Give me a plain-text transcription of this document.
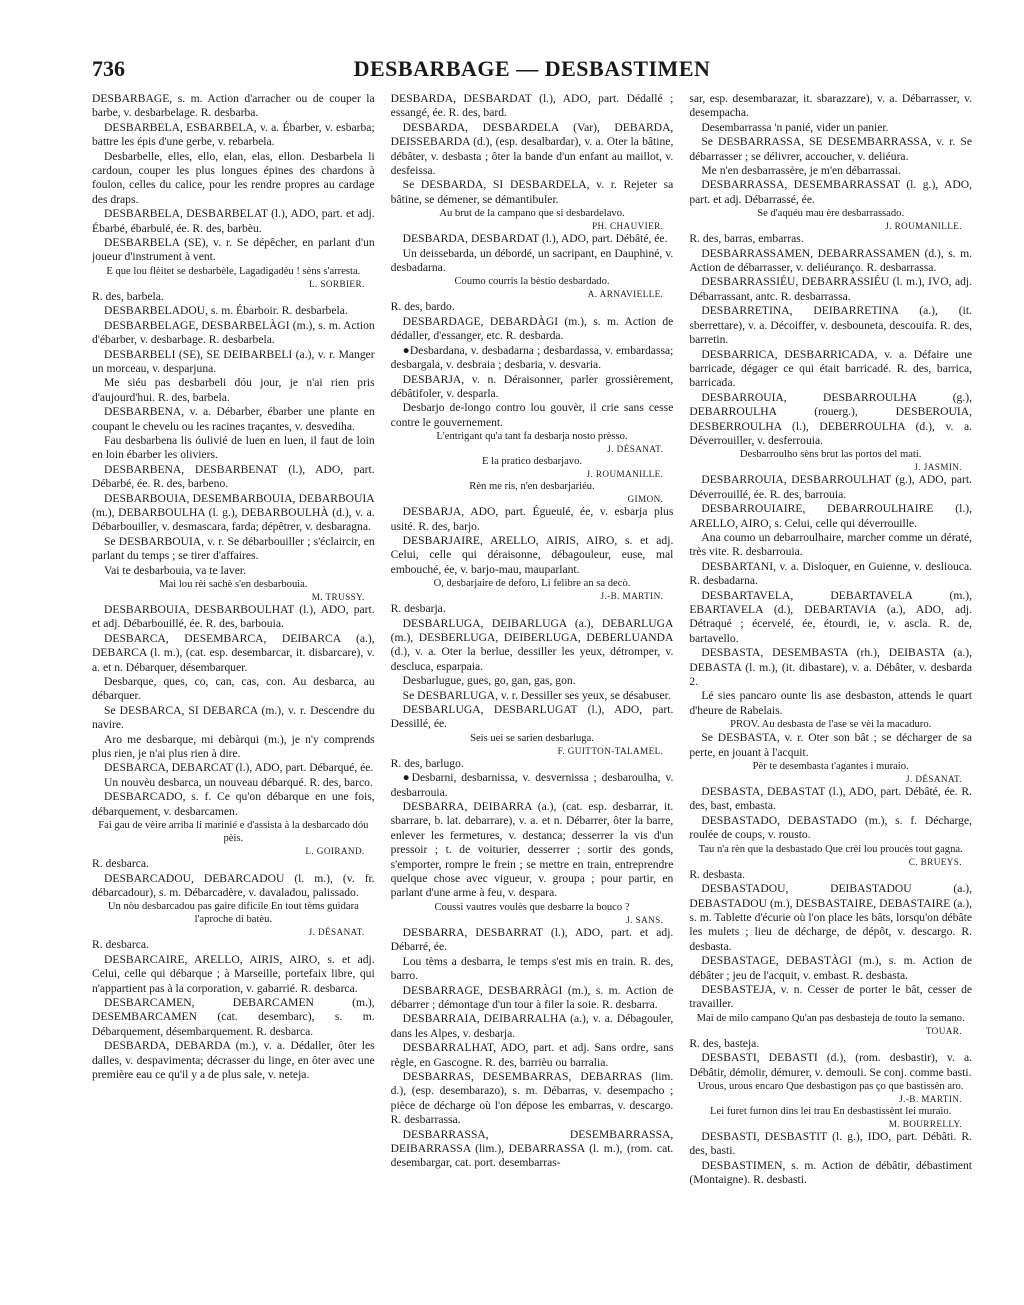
736	DESBARBAGE — DESBASTIMEN

DESBARBAGE, s. m. Action d'arracher ou de couper la barbe, v. desbarbelage. R. desbarba.

DESBARBELA, ESBARBELA, v. a. Ébarber, v. esbarba; battre les épis d'une gerbe, v. rebarbela.

Desbarbelle, elles, ello, elan, elas, ellon. Desbarbela li cardoun, couper les plus longues épines des chardons à foulon, celles du calice, pour les rendre propres au cardage des draps.

DESBARBELA, DESBARBELAT (l.), ADO, part. et adj. Ébarbé, ébarbulé, ée. R. des, barbèu.

DESBARBELA (SE), v. r. Se dépêcher, en parlant d'un joueur d'instrument à vent.

E que lou flèitet se desbarbèle, Lagadigadèu ! sèns s'arresta.

L. SORBIER.

R. des, barbela.

DESBARBELADOU, s. m. Ébarboir. R. desbarbela.

DESBARBELAGE, DESBARBELÀGI (m.), s. m. Action d'ébarber, v. desbarbage. R. desbarbela.

DESBARBELI (SE), SE DEIBARBELI (a.), v. r. Manger un morceau, v. desparjuna.

Me siéu pas desbarbeli dóu jour, je n'ai rien pris d'aujourd'hui. R. des, barbela.

DESBARBENA, v. a. Débarber, ébarber une plante en coupant le chevelu ou les racines traçantes, v. desvediha.

Fau desbarbena lis óulivié de luen en luen, il faut de loin en loin ébarber les oliviers.

DESBARBENA, DESBARBENAT (l.), ADO, part. Débarbé, ée. R. des, barbeno.

DESBARBOUIA, DESEMBARBOUIA, DEBARBOUIA (m.), DEBARBOULHA (l. g.), DEBARBOULHÀ (d.), v. a. Débarbouiller, v. desmascara, farda; dépêtrer, v. desbaragna.

Se DESBARBOUIA, v. r. Se débarbouiller ; s'éclaircir, en parlant du temps ; se tirer d'affaires.

Vai te desbarbouia, va te laver.

Mai lou rèi sachè s'en desbarbouia.

M. TRUSSY.

DESBARBOUIA, DESBARBOULHAT (l.), ADO, part. et adj. Débarbouillé, ée. R. des, barbouia.

DESBARCA, DESEMBARCA, DEIBARCA (a.), DEBARCA (l. m.), (cat. esp. desembarcar, it. disbarcare), v. a. et n. Débarquer, désembarquer.

Desbarque, ques, co, can, cas, con. Au desbarca, au débarquer.

Se DESBARCA, SI DEBARCA (m.), v. r. Descendre du navire.

Aro me desbarque, mi debàrqui (m.), je n'y comprends plus rien, je n'ai plus rien à dire.

DESBARCA, DEBARCAT (l.), ADO, part. Débarqué, ée.

Un nouvèu desbarca, un nouveau débarqué. R. des, barco.

DESBARCADO, s. f. Ce qu'on débarque en une fois, débarquement, v. desbarcamen.

Fai gau de vèire arriba li marinié e d'assista à la desbarcado dóu pèis.

L. GOIRAND.

R. desbarca.

DESBARCADOU, DEBARCADOU (l. m.), (v. fr. débarcadour), s. m. Débarcadère, v. davaladou, palissado.

Un nòu desbarcadou pas gaire dificile En tout tèms guidara l'aproche di batèu.

J. DÉSANAT.

R. desbarca.

DESBARCAIRE, ARELLO, AIRIS, AIRO, s. et adj. Celui, celle qui débarque ; à Marseille, portefaix libre, qui n'appartient pas à la corporation, v. gabarrié. R. desbarca.

DESBARCAMEN, DEBARCAMEN (m.), DESEMBARCAMEN (cat. desembarc), s. m. Débarquement, désembarquement. R. desbarca.

DESBARDA, DEBARDA (m.), v. a. Dédaller, ôter les dalles, v. despavimenta; décrasser du linge, en ôter avec une première eau ce qu'il y a de plus sale, v. neteja.

DESBARDA, DESBARDAT (l.), ADO, part. Dédallé ; essangé, ée. R. des, bard.

DESBARDA, DESBARDELA (Var), DEBARDA, DEISSEBARDA (d.), (esp. desalbardar), v. a. Oter la bâtine, débâter, v. desbasta ; ôter la bande d'un enfant au maillot, v. desfeissa.

Se DESBARDA, SI DESBARDELA, v. r. Rejeter sa bâtine, se démener, se démantibuler.

Au brut de la campano que si desbardelavo.

PH. CHAUVIER.

DESBARDA, DESBARDAT (l.), ADO, part. Débâté, ée.

Un deissebarda, un débordé, un sacripant, en Dauphiné, v. desbadarna.

Coumo courris la bèstio desbardado.

A. ARNAVIELLE.

R. des, bardo.

DESBARDAGE, DEBARDÀGI (m.), s. m. Action de dédaller, d'essanger, etc. R. desbarda.

●Desbardana, v. desbadarna ; desbardassa, v. embardassa; desbargala, v. desbraia ; desbaria, v. desvaria.

DESBARJA, v. n. Déraisonner, parler grossièrement, débâtifoler, v. desparla.

Desbarjo de-longo contro lou gouvèr, il crie sans cesse contre le gouvernement.

L'entrigant qu'a tant fa desbarja nosto prèsso.

J. DÉSANAT.

E la pratico desbarjavo.

J. ROUMANILLE.

Rèn me ris, n'en desbarjariéu.

GIMON.

DESBARJA, ADO, part. Égueulé, ée, v. esbarja plus usité. R. des, barjo.

DESBARJAIRE, ARELLO, AIRIS, AIRO, s. et adj. Celui, celle qui déraisonne, débagouleur, euse, mal embouché, ée, v. barjo-mau, mauparlant.

O, desbarjaire de deforo, Li felibre an sa decò.

J.-B. MARTIN.

R. desbarja.

DESBARLUGA, DEIBARLUGA (a.), DEBARLUGA (m.), DESBERLUGA, DEIBERLUGA, DEBERLUANDA (d.), v. a. Oter la berlue, dessiller les yeux, détromper, v. descluca, esparpaia.

Desbarlugue, gues, go, gan, gas, gon.

Se DESBARLUGA, v. r. Dessiller ses yeux, se désabuser.

DESBARLUGA, DESBARLUGAT (l.), ADO, part. Dessillé, ée.

Seis uei se sarien desbarluga.

F. GUITTON-TALAMEL.

R. des, barlugo.

●Desbarni, desbarnissa, v. desvernissa ; desbaroulha, v. desbarrouia.

DESBARRA, DEIBARRA (a.), (cat. esp. desbarrar, it. sbarrare, b. lat. debarrare), v. a. et n. Débarrer, ôter la barre, enlever les fermetures, v. destanca; desserrer la vis d'un pressoir ; t. de voiturier, desserrer ; sortir des gonds, s'emporter, rompre le frein ; se mettre en train, entreprendre quelque chose avec vigueur, v. groupa ; pour partir, en parlant d'une arme à feu, v. despara.

Coussi vautres voulès que desbarre la bouco ?

J. SANS.

DESBARRA, DESBARRAT (l.), ADO, part. et adj. Débarré, ée.

Lou tèms a desbarra, le temps s'est mis en train. R. des, barro.

DESBARRAGE, DESBARRÀGI (m.), s. m. Action de débarrer ; démontage d'un tour à filer la soie. R. desbarra.

DESBARRAIA, DEIBARRALHA (a.), v. a. Débagouler, dans les Alpes, v. desbarja.

DESBARRALHAT, ADO, part. et adj. Sans ordre, sans règle, en Gascogne. R. des, barrièu ou barralia.

DESBARRAS, DESEMBARRAS, DEBARRAS (lim. d.), (esp. desembarazo), s. m. Débarras, v. desempacho ; pièce de décharge où l'on dépose les embarras, v. descargo. R. desbarrassa.

DESBARRASSA, DESEMBARRASSA, DEIBARRASSA (lim.), DEBARRASSA (l. m.), (rom. cat. desembargar, cat. port. desembarras-

sar, esp. desembarazar, it. sbarazzare), v. a. Débarrasser, v. desempacha.

Desembarrassa 'n panié, vider un panier.

Se DESBARRASSA, SE DESEMBARRASSA, v. r. Se débarrasser ; se délivrer, accoucher, v. deliéura.

Me n'en desbarrassère, je m'en débarrassai.

DESBARRASSA, DESEMBARRASSAT (l. g.), ADO, part. et adj. Débarrassé, ée.

Se d'aquéu mau ère desbarrassado.

J. ROUMANILLE.

R. des, barras, embarras.

DESBARRASSAMEN, DEBARRASSAMEN (d.), s. m. Action de débarrasser, v. deliéuranço. R. desbarrassa.

DESBARRASSIÉU, DEBARRASSIÉU (l. m.), IVO, adj. Débarrassant, antc. R. desbarrassa.

DESBARRETINA, DEIBARRETINA (a.), (it. sberrettare), v. a. Décoiffer, v. desbouneta, descouifa. R. des, barretin.

DESBARRICA, DESBARRICADA, v. a. Défaire une barricade, dégager ce qui était barricadé. R. des, barrica, barricada.

DESBARROUIA, DESBARROULHA (g.), DEBARROULHA (rouerg.), DESBEROUIA, DESBERROULHA (l.), DEBERROULHA (d.), v. a. Déverrouiller, v. desferrouia.

Desbarroulho sèns brut las portos del mati.

J. JASMIN.

DESBARROUIA, DESBARROULHAT (g.), ADO, part. Déverrouillé, ée. R. des, barrouia.

DESBARROUIAIRE, DEBARROULHAIRE (l.), ARELLO, AIRO, s. Celui, celle qui déverrouille.

Ana coumo un debarroulhaire, marcher comme un dératé, très vite. R. desbarrouia.

DESBARTANI, v. a. Disloquer, en Guienne, v. desliouca. R. desbadarna.

DESBARTAVELA, DEBARTAVELA (m.), EBARTAVELA (d.), DEBARTAVIA (a.), ADO, adj. Détraqué ; écervelé, ée, étourdi, ie, v. ascla. R. de, bartavello.

DESBASTA, DESEMBASTA (rh.), DEIBASTA (a.), DEBASTA (l. m.), (it. dibastare), v. a. Débâter, v. desbarda 2.

Lé sies pancaro ounte lis ase desbaston, attends le quart d'heure de Rabelais.

PROV. Au desbasta de l'ase se vèi la macaduro.

Se DESBASTA, v. r. Oter son bât ; se décharger de sa perte, en jouant à l'acquit.

Pèr te desembasta t'agantes i muraio.

J. DÉSANAT.

DESBASTA, DEBASTAT (l.), ADO, part. Débâté, ée. R. des, bast, embasta.

DESBASTADO, DEBASTADO (m.), s. f. Décharge, roulée de coups, v. rousto.

Tau n'a rèn que la desbastado Que crèi lou proucès tout gagna.

C. BRUEYS.

R. desbasta.

DESBASTADOU, DEIBASTADOU (a.), DEBASTADOU (m.), DESBASTAIRE, DEBASTAIRE (a.), s. m. Tablette d'écurie où l'on place les bâts, lorsqu'on débâte les mulets ; lieu de décharge, de dépôt, v. descargo. R. desbasta.

DESBASTAGE, DEBASTÀGI (m.), s. m. Action de débâter ; jeu de l'acquit, v. embast. R. desbasta.

DESBASTEJA, v. n. Cesser de porter le bât, cesser de travailler.

Mai de milo campano Qu'an pas desbasteja de touto la semano.

TOUAR.

R. des, basteja.

DESBASTI, DEBASTI (d.), (rom. desbastir), v. a. Débâtir, démolir, démurer, v. demouli. Se conj. comme basti.

Urous, urous encaro Que desbastigon pas ço que bastissèn aro.

J.-B. MARTIN.

Lei furet furnon dins lei trau En desbastissènt lei muraio.

M. BOURRELLY.

DESBASTI, DESBASTIT (l. g.), IDO, part. Débâti. R. des, basti.

DESBASTIMEN, s. m. Action de débâtir, débastiment (Montaigne). R. desbasti.
